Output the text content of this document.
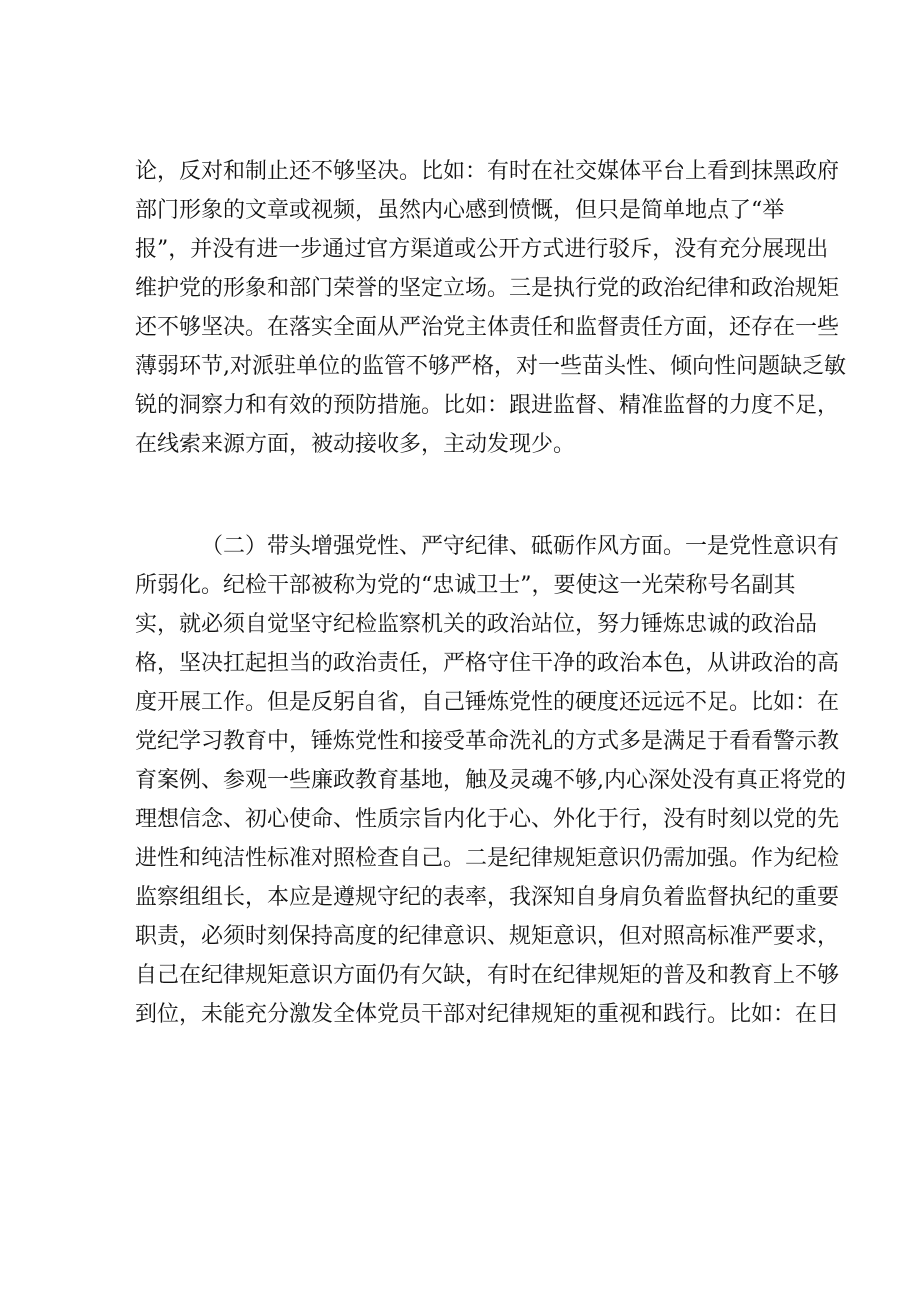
论，反对和制止还不够坚决。比如：有时在社交媒体平台上看到抹黑政府
部门形象的文章或视频，虽然内心感到愤慨，但只是简单地点了“举
报”，并没有进一步通过官方渠道或公开方式进行驳斥，没有充分展现出
维护党的形象和部门荣誉的坚定立场。三是执行党的政治纪律和政治规矩
还不够坚决。在落实全面从严治党主体责任和监督责任方面，还存在一些
薄弱环节,对派驻单位的监管不够严格，对一些苗头性、倾向性问题缺乏敏
锐的洞察力和有效的预防措施。比如：跟进监督、精准监督的力度不足，
在线索来源方面，被动接收多，主动发现少。
（二）带头增强党性、严守纪律、砥砺作风方面。一是党性意识有
所弱化。纪检干部被称为党的“忠诚卫士”，要使这一光荣称号名副其
实，就必须自觉坚守纪检监察机关的政治站位，努力锤炼忠诚的政治品
格，坚决扛起担当的政治责任，严格守住干净的政治本色，从讲政治的高
度开展工作。但是反躬自省，自己锤炼党性的硬度还远远不足。比如：在
党纪学习教育中，锤炼党性和接受革命洗礼的方式多是满足于看看警示教
育案例、参观一些廉政教育基地，触及灵魂不够,内心深处没有真正将党的
理想信念、初心使命、性质宗旨内化于心、外化于行，没有时刻以党的先
进性和纯洁性标准对照检查自己。二是纪律规矩意识仍需加强。作为纪检
监察组组长，本应是遵规守纪的表率，我深知自身肩负着监督执纪的重要
职责，必须时刻保持高度的纪律意识、规矩意识，但对照高标准严要求，
自己在纪律规矩意识方面仍有欠缺，有时在纪律规矩的普及和教育上不够
到位，未能充分激发全体党员干部对纪律规矩的重视和践行。比如：在日
